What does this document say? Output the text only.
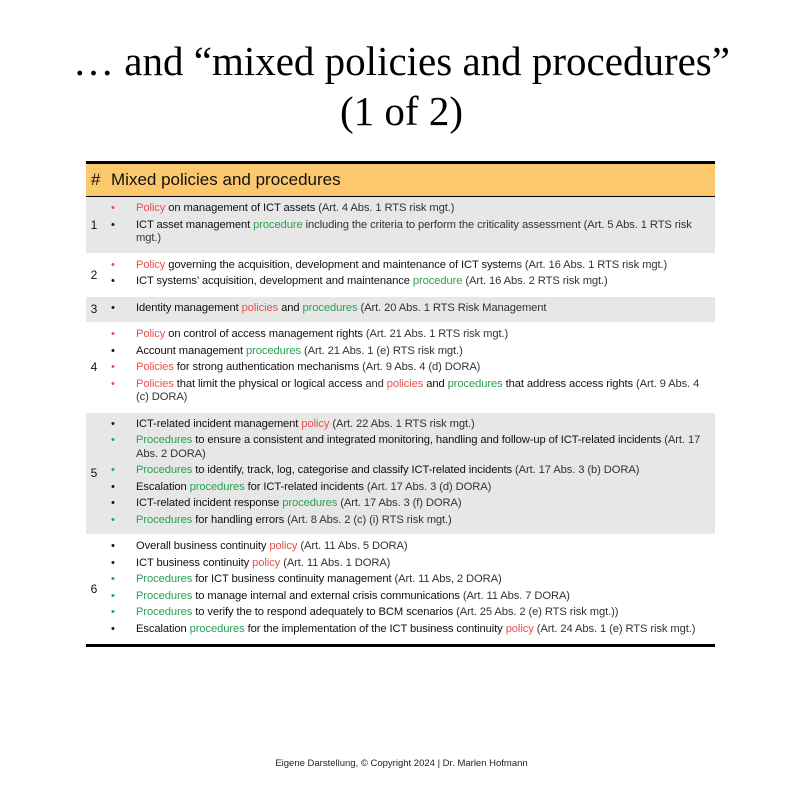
… and “mixed policies and procedures”
(1 of 2)
# Mixed policies and procedures
1
• Policy on management of ICT assets (Art. 4 Abs. 1 RTS risk mgt.)
• ICT asset management procedure including the criteria to perform the criticality assessment (Art. 5 Abs. 1 RTS risk mgt.)
2
• Policy governing the acquisition, development and maintenance of ICT systems (Art. 16 Abs. 1 RTS risk mgt.)
• ICT systems’ acquisition, development and maintenance procedure (Art. 16 Abs. 2 RTS risk mgt.)
3	• Identity management policies and procedures (Art. 20 Abs. 1 RTS Risk Management
4
• Policy on control of access management rights (Art. 21 Abs. 1 RTS risk mgt.)
• Account management procedures (Art. 21 Abs. 1 (e) RTS risk mgt.)
• Policies for strong authentication mechanisms (Art. 9 Abs. 4 (d) DORA)
• Policies that limit the physical or logical access and policies and procedures that address access rights (Art. 9 Abs. 4 (c) DORA)
5
• ICT-related incident management policy (Art. 22 Abs. 1 RTS risk mgt.)
• Procedures to ensure a consistent and integrated monitoring, handling and follow-up of ICT-related incidents (Art. 17 Abs. 2 DORA)
• Procedures to identify, track, log, categorise and classify ICT-related incidents (Art. 17 Abs. 3 (b) DORA)
• Escalation procedures for ICT-related incidents (Art. 17 Abs. 3 (d) DORA)
• ICT-related incident response procedures (Art. 17 Abs. 3 (f) DORA)
• Procedures for handling errors (Art. 8 Abs. 2 (c) (i) RTS risk mgt.)
6
• Overall business continuity policy (Art. 11 Abs. 5 DORA)
• ICT business continuity policy (Art. 11 Abs. 1 DORA)
• Procedures for ICT business continuity management (Art. 11 Abs, 2 DORA)
• Procedures to manage internal and external crisis communications (Art. 11 Abs. 7 DORA)
• Procedures to verify the to respond adequately to BCM scenarios (Art. 25 Abs. 2 (e) RTS risk mgt.))
• Escalation procedures for the implementation of the ICT business continuity policy (Art. 24 Abs. 1 (e) RTS risk mgt.)
Eigene Darstellung, © Copyright 2024 | Dr. Marlen Hofmann
